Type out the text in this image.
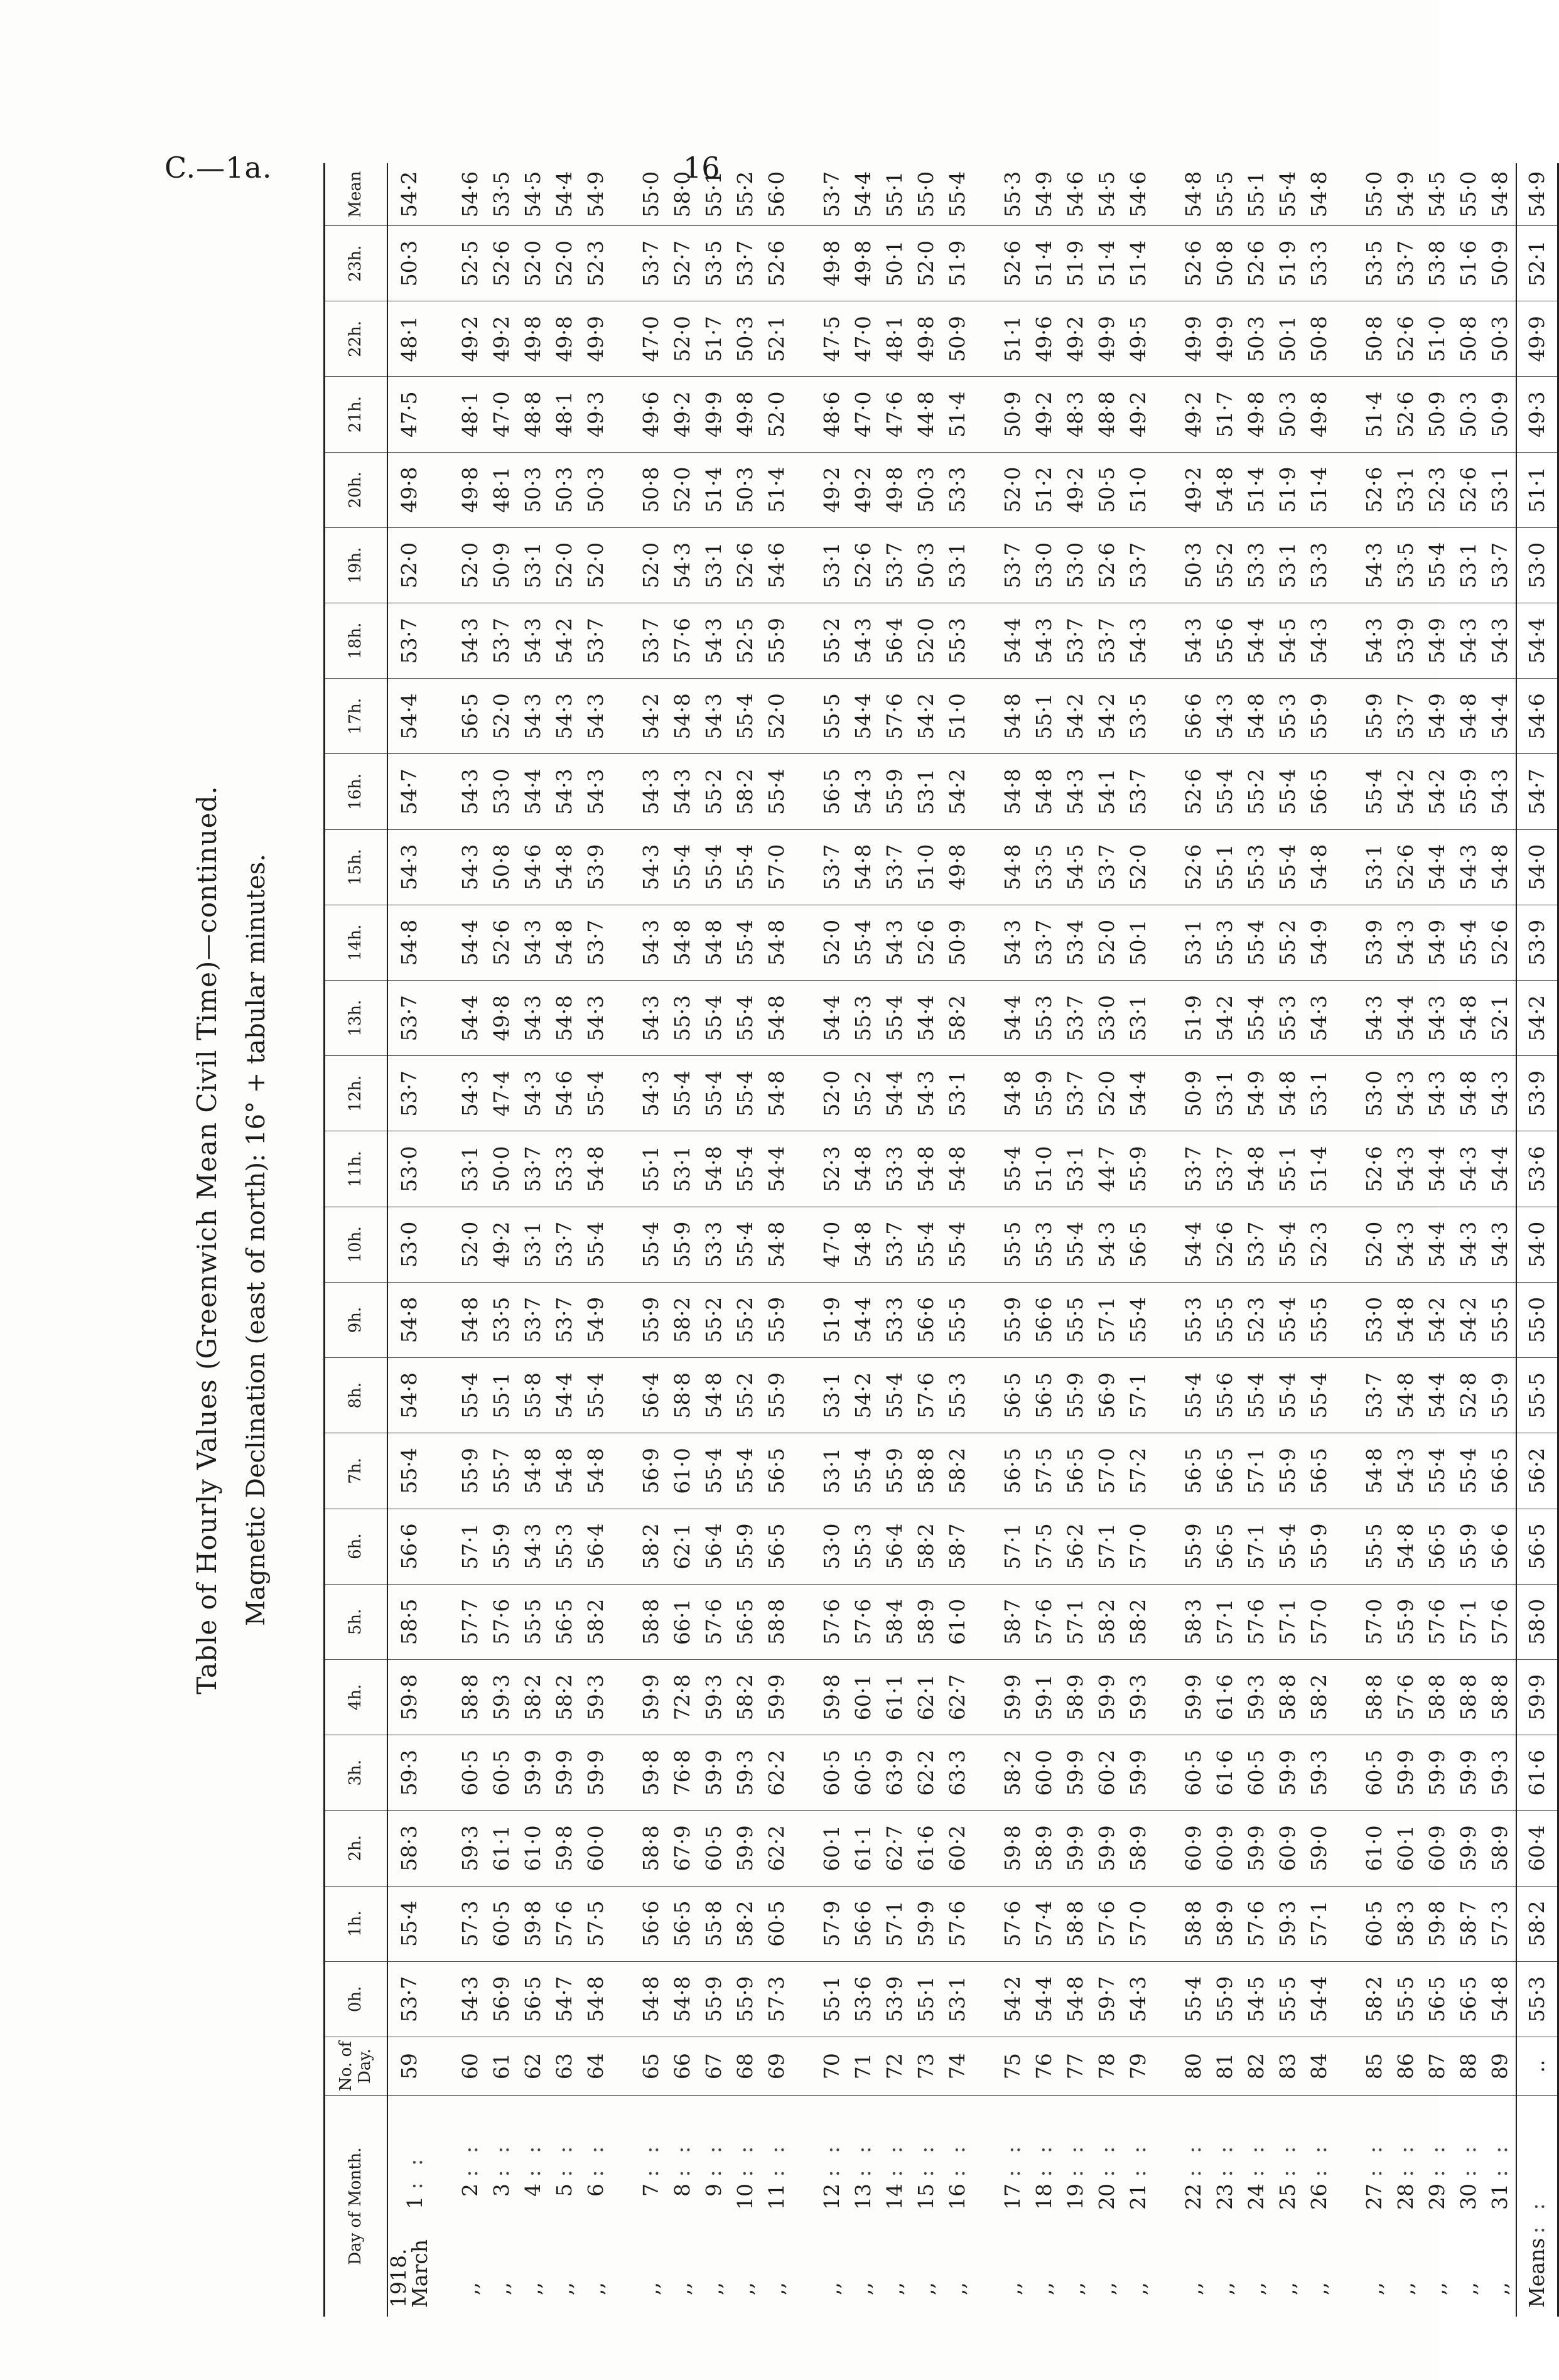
C.—1a.	16
Table of Hourly Values (Greenwich Mean Civil Time)—continued. Magnetic Declination (east of north): 16° + tabular minutes.
Day of Month.	No. of Day.	0h.	1h.	2h.	3h.	4h.	5h.	6h.	7h.	8h.	9h.	10h.	11h.	12h.	13h.	14h.	15h.	16h.	17h.	18h.	19h.	20h.	21h.	22h.	23h.	Mean
1918.
March1 : :	59	53·7	55·4	58·3	59·3	59·8	58·5	56·6	55·4	54·8	54·8	53·0	53·0	53·7	53·7	54·8	54·3	54·7	54·4	53·7	52·0	49·8	47·5	48·1	50·3	54·2
,,2 : :	60	54·3	57·3	59·3	60·5	58·8	57·7	57·1	55·9	55·4	54·8	52·0	53·1	54·3	54·4	54·4	54·3	54·3	56·5	54·3	52·0	49·8	48·1	49·2	52·5	54·6
,,3 : :	61	56·9	60·5	61·1	60·5	59·3	57·6	55·9	55·7	55·1	53·5	49·2	50·0	47·4	49·8	52·6	50·8	53·0	52·0	53·7	50·9	48·1	47·0	49·2	52·6	53·5
,,4 : :	62	56·5	59·8	61·0	59·9	58·2	55·5	54·3	54·8	55·8	53·7	53·1	53·7	54·3	54·3	54·3	54·6	54·4	54·3	54·3	53·1	50·3	48·8	49·8	52·0	54·5
,,5 : :	63	54·7	57·6	59·8	59·9	58·2	56·5	55·3	54·8	54·4	53·7	53·7	53·3	54·6	54·8	54·8	54·8	54·3	54·3	54·2	52·0	50·3	48·1	49·8	52·0	54·4
,,6 : :	64	54·8	57·5	60·0	59·9	59·3	58·2	56·4	54·8	55·4	54·9	55·4	54·8	55·4	54·3	53·7	53·9	54·3	54·3	53·7	52·0	50·3	49·3	49·9	52·3	54·9
,,7 : :	65	54·8	56·6	58·8	59·8	59·9	58·8	58·2	56·9	56·4	55·9	55·4	55·1	54·3	54·3	54·3	54·3	54·3	54·2	53·7	52·0	50·8	49·6	47·0	53·7	55·0
,,8 : :	66	54·8	56·5	67·9	76·8	72·8	66·1	62·1	61·0	58·8	58·2	55·9	53·1	55·4	55·3	54·8	55·4	54·3	54·8	57·6	54·3	52·0	49·2	52·0	52·7	58·0
,,9 : :	67	55·9	55·8	60·5	59·9	59·3	57·6	56·4	55·4	54·8	55·2	53·3	54·8	55·4	55·4	54·8	55·4	55·2	54·3	54·3	53·1	51·4	49·9	51·7	53·5	55·1
,,10 : :	68	55·9	58·2	59·9	59·3	58·2	56·5	55·9	55·4	55·2	55·2	55·4	55·4	55·4	55·4	55·4	55·4	58·2	55·4	52·5	52·6	50·3	49·8	50·3	53·7	55·2
,,11 : :	69	57·3	60·5	62·2	62·2	59·9	58·8	56·5	56·5	55·9	55·9	54·8	54·4	54·8	54·8	54·8	57·0	55·4	52·0	55·9	54·6	51·4	52·0	52·1	52·6	56·0
,,12 : :	70	55·1	57·9	60·1	60·5	59·8	57·6	53·0	53·1	53·1	51·9	47·0	52·3	52·0	54·4	52·0	53·7	56·5	55·5	55·2	53·1	49·2	48·6	47·5	49·8	53·7
,,13 : :	71	53·6	56·6	61·1	60·5	60·1	57·6	55·3	55·4	54·2	54·4	54·8	54·8	55·2	55·3	55·4	54·8	54·3	54·4	54·3	52·6	49·2	47·0	47·0	49·8	54·4
,,14 : :	72	53·9	57·1	62·7	63·9	61·1	58·4	56·4	55·9	55·4	53·3	53·7	53·3	54·4	55·4	54·3	53·7	55·9	57·6	56·4	53·7	49·8	47·6	48·1	50·1	55·1
,,15 : :	73	55·1	59·9	61·6	62·2	62·1	58·9	58·2	58·8	57·6	56·6	55·4	54·8	54·3	54·4	52·6	51·0	53·1	54·2	52·0	50·3	50·3	44·8	49·8	52·0	55·0
,,16 : :	74	53·1	57·6	60·2	63·3	62·7	61·0	58·7	58·2	55·3	55·5	55·4	54·8	53·1	58·2	50·9	49·8	54·2	51·0	55·3	53·1	53·3	51·4	50·9	51·9	55·4
,,17 : :	75	54·2	57·6	59·8	58·2	59·9	58·7	57·1	56·5	56·5	55·9	55·5	55·4	54·8	54·4	54·3	54·8	54·8	54·8	54·4	53·7	52·0	50·9	51·1	52·6	55·3
,,18 : :	76	54·4	57·4	58·9	60·0	59·1	57·6	57·5	57·5	56·5	56·6	55·3	51·0	55·9	55·3	53·7	53·5	54·8	55·1	54·3	53·0	51·2	49·2	49·6	51·4	54·9
,,19 : :	77	54·8	58·8	59·9	59·9	58·9	57·1	56·2	56·5	55·9	55·5	55·4	53·1	53·7	53·7	53·4	54·5	54·3	54·2	53·7	53·0	49·2	48·3	49·2	51·9	54·6
,,20 : :	78	59·7	57·6	59·9	60·2	59·9	58·2	57·1	57·0	56·9	57·1	54·3	44·7	52·0	53·0	52·0	53·7	54·1	54·2	53·7	52·6	50·5	48·8	49·9	51·4	54·5
,,21 : :	79	54·3	57·0	58·9	59·9	59·3	58·2	57·0	57·2	57·1	55·4	56·5	55·9	54·4	53·1	50·1	52·0	53·7	53·5	54·3	53·7	51·0	49·2	49·5	51·4	54·6
,,22 : :	80	55·4	58·8	60·9	60·5	59·9	58·3	55·9	56·5	55·4	55·3	54·4	53·7	50·9	51·9	53·1	52·6	52·6	56·6	54·3	50·3	49·2	49·2	49·9	52·6	54·8
,,23 : :	81	55·9	58·9	60·9	61·6	61·6	57·1	56·5	56·5	55·6	55·5	52·6	53·7	53·1	54·2	55·3	55·1	55·4	54·3	55·6	55·2	54·8	51·7	49·9	50·8	55·5
,,24 : :	82	54·5	57·6	59·9	60·5	59·3	57·6	57·1	57·1	55·4	52·3	53·7	54·8	54·9	55·4	55·4	55·3	55·2	54·8	54·4	53·3	51·4	49·8	50·3	52·6	55·1
,,25 : :	83	55·5	59·3	60·9	59·9	58·8	57·1	55·4	55·9	55·4	55·4	55·4	55·1	54·8	55·3	55·2	55·4	55·4	55·3	54·5	53·1	51·9	50·3	50·1	51·9	55·4
,,26 : :	84	54·4	57·1	59·0	59·3	58·2	57·0	55·9	56·5	55·4	55·5	52·3	51·4	53·1	54·3	54·9	54·8	56·5	55·9	54·3	53·3	51·4	49·8	50·8	53·3	54·8
,,27 : :	85	58·2	60·5	61·0	60·5	58·8	57·0	55·5	54·8	53·7	53·0	52·0	52·6	53·0	54·3	53·9	53·1	55·4	55·9	54·3	54·3	52·6	51·4	50·8	53·5	55·0
,,28 : :	86	55·5	58·3	60·1	59·9	57·6	55·9	54·8	54·3	54·8	54·8	54·3	54·3	54·3	54·4	54·3	52·6	54·2	53·7	53·9	53·5	53·1	52·6	52·6	53·7	54·9
,,29 : :	87	56·5	59·8	60·9	59·9	58·8	57·6	56·5	55·4	54·4	54·2	54·4	54·4	54·3	54·3	54·9	54·4	54·2	54·9	54·9	55·4	52·3	50·9	51·0	53·8	54·5
,,30 : :	88	56·5	58·7	59·9	59·9	58·8	57·1	55·9	55·4	52·8	54·2	54·3	54·3	54·8	54·8	55·4	54·3	55·9	54·8	54·3	53·1	52·6	50·3	50·8	51·6	55·0
,,31 : :	89	54·8	57·3	58·9	59·3	58·8	57·6	56·6	56·5	55·9	55·5	54·3	54·4	54·3	52·1	52·6	54·8	54·3	54·4	54·3	53·7	53·1	50·9	50·3	50·9	54·8
Means: :	..	55·3	58·2	60·4	61·6	59·9	58·0	56·5	56·2	55·5	55·0	54·0	53·6	53·9	54·2	53·9	54·0	54·7	54·6	54·4	53·0	51·1	49·3	49·9	52·1	54·9
